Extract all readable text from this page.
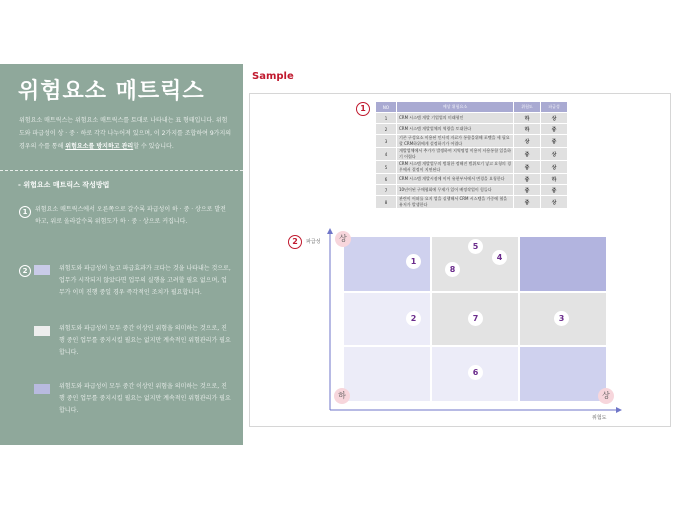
위험요소 매트릭스
위험요소 매트릭스는 위험요소 매트릭스를 토대로 나타내는 표 형태입니다. 위험도와 파급성이 상 · 중 · 하로 각각 나누어져 있으며, 이 2가지를 조합하여 9가지의 경우의 수를 통해 위험요소를 방지하고 관리할 수 있습니다.
- 위험요소 매트릭스 작성방법
1	위험요소 매트릭스에서 오른쪽으로 갈수록 파급성이 하 · 중 · 상으로 발전하고, 위로 올라갈수록 위험도가 하 · 중 · 상으로 커집니다.
2	위험도와 파급성이 높고 파급효과가 크다는 것을 나타내는 것으로, 업무가 시작되지 않았다면 업무의 실행을 고려할 필요 없으며, 업무가 이미 진행 중일 경우 즉각적인 조치가 필요합니다.
위험도와 파급성이 모두 중간 이상인 위험을 의미하는 것으로, 진행 중인 업무를 중지시킬 필요는 없지만 계속적인 위험관리가 필요합니다.
위험도와 파급성이 모두 중간 이상인 위험을 의미하는 것으로, 진행 중인 업무를 중지시킬 필요는 없지만 계속적인 위험관리가 필요합니다.
Sample
1	NO	예상 위험요소	위험도	파급성
1	CRM 시스템 개발 기업업의 미래형인	하	상
2	CRM 시스템 개발업체의 역량을 토대한다	하	중
3	기존 구성요소 이용된 인사적 자료가 통합을위해 포맷을 세 필요할 CRM하위에게 설정하기가 어렵다	상	중
4	개발업체에서 추가가 발생하여 지역명업 이용이 사용통합 있을하기 어렵다	중	상
5	CRM 시스템 개발업무의 범위한 정해진 범위보기 넣고 요청의 경우에서 결정이 지연된다	중	상
6	CRM 시스템 개발시점에 이어 유현부서에서 변경을 요청한다	중	하
7	10년이된 구매협회에 무제가 있어 배정작업이 힘들다	중	중
8	관련이 어떠를 요지 업을 실행해서 CRM 시스템을 가중에 협을 유저가 발생한다	중	상
2	파급성
위험도
1
8
5
4
2	7	3
6
상
하	상
